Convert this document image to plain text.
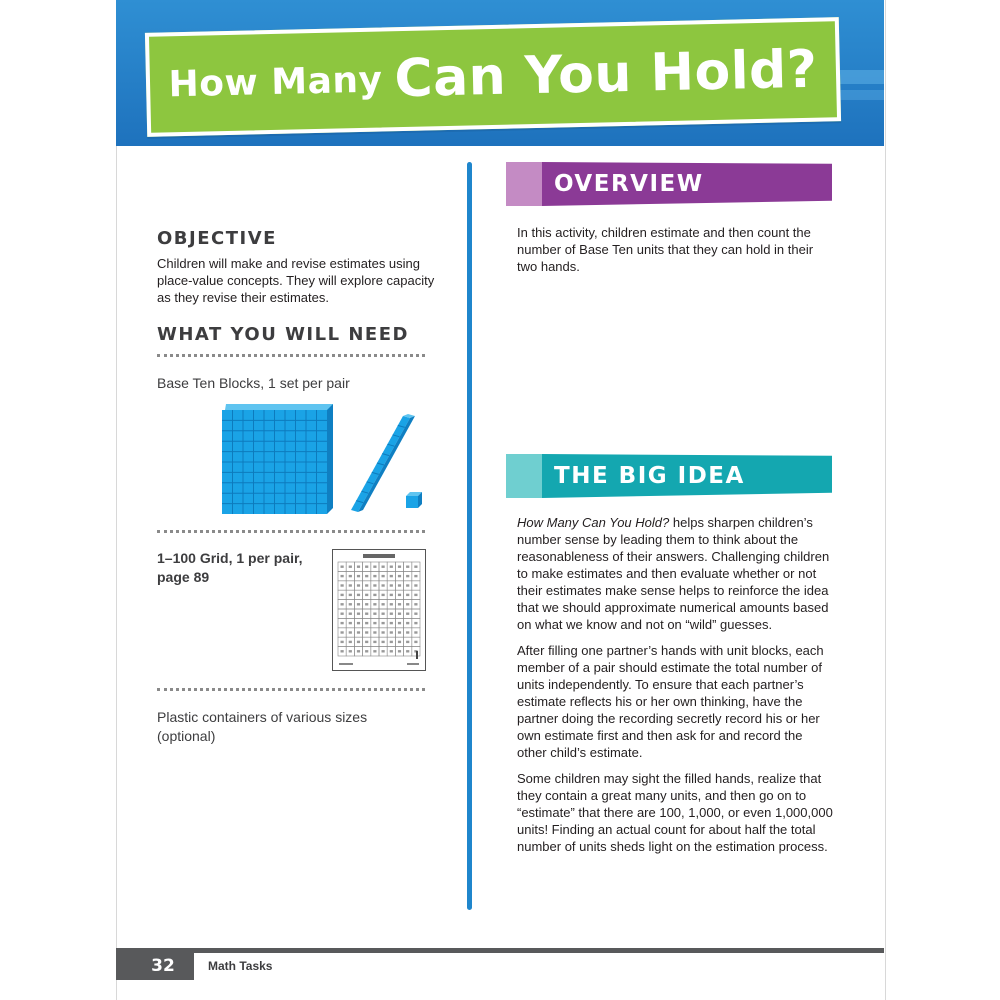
How Many Can You Hold?
OBJECTIVE
Children will make and revise estimates using place-value concepts. They will explore capacity as they revise their estimates.
WHAT YOU WILL NEED
Base Ten Blocks, 1 set per pair
1–100 Grid, 1 per pair, page 89
Plastic containers of various sizes (optional)
OVERVIEW
In this activity, children estimate and then count the number of Base Ten units that they can hold in their two hands.
THE BIG IDEA

How Many Can You Hold? helps sharpen children’s number sense by leading them to think about the reasonableness of their answers. Challenging children to make estimates and then evaluate whether or not their estimates make sense helps to reinforce the idea that we should approximate numerical amounts based on what we know and not on “wild” guesses.

After filling one partner’s hands with unit blocks, each member of a pair should estimate the total number of units independently. To ensure that each partner’s estimate reflects his or her own thinking, have the partner doing the recording secretly record his or her own estimate first and then ask for and record the other child’s estimate.

Some children may sight the filled hands, realize that they contain a great many units, and then go on to “estimate” that there are 100, 1,000, or even 1,000,000 units! Finding an actual count for about half the total number of units sheds light on the estimation process.

32	Math Tasks
